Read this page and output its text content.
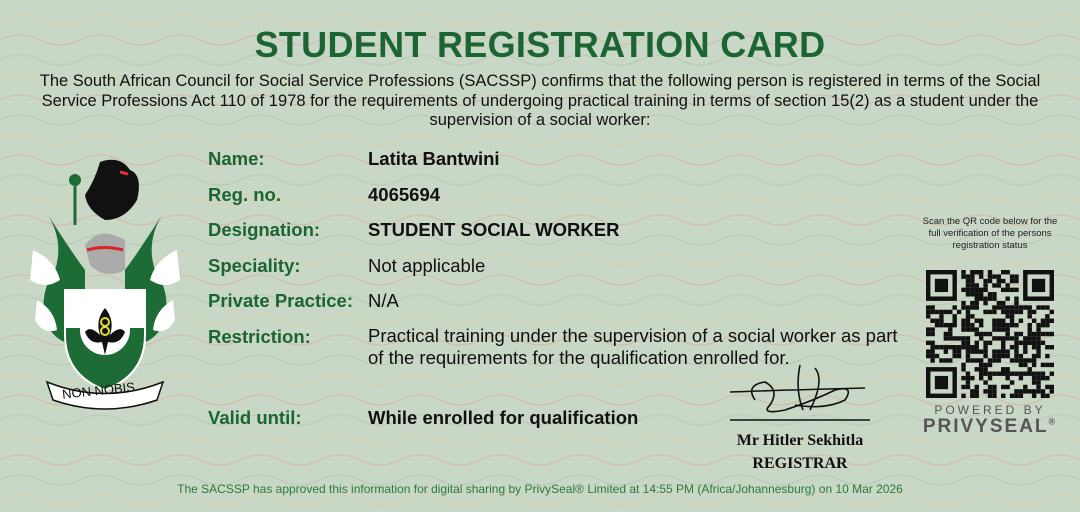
STUDENT REGISTRATION CARD
The South African Council for Social Service Professions (SACSSP) confirms that the following person is registered in terms of the Social Service Professions Act 110 of 1978 for the requirements of undergoing practical training in terms of section 15(2) as a student under the supervision of a social worker:
NON NOBIS
Name:	Latita Bantwini
Reg. no.	4065694
Designation:	STUDENT SOCIAL WORKER
Speciality:	Not applicable
Private Practice: N/A
Restriction:	Practical training under the supervision of a social worker as part of the requirements for the qualification enrolled for.
Valid until:	While enrolled for qualification
Mr Hitler Sekhitla
REGISTRAR
Scan the QR code below for the full verification of the persons registration status
POWERED BY
PRIVYSEAL®
The SACSSP has approved this information for digital sharing by PrivySeal® Limited at 14:55 PM (Africa/Johannesburg) on 10 Mar 2026
